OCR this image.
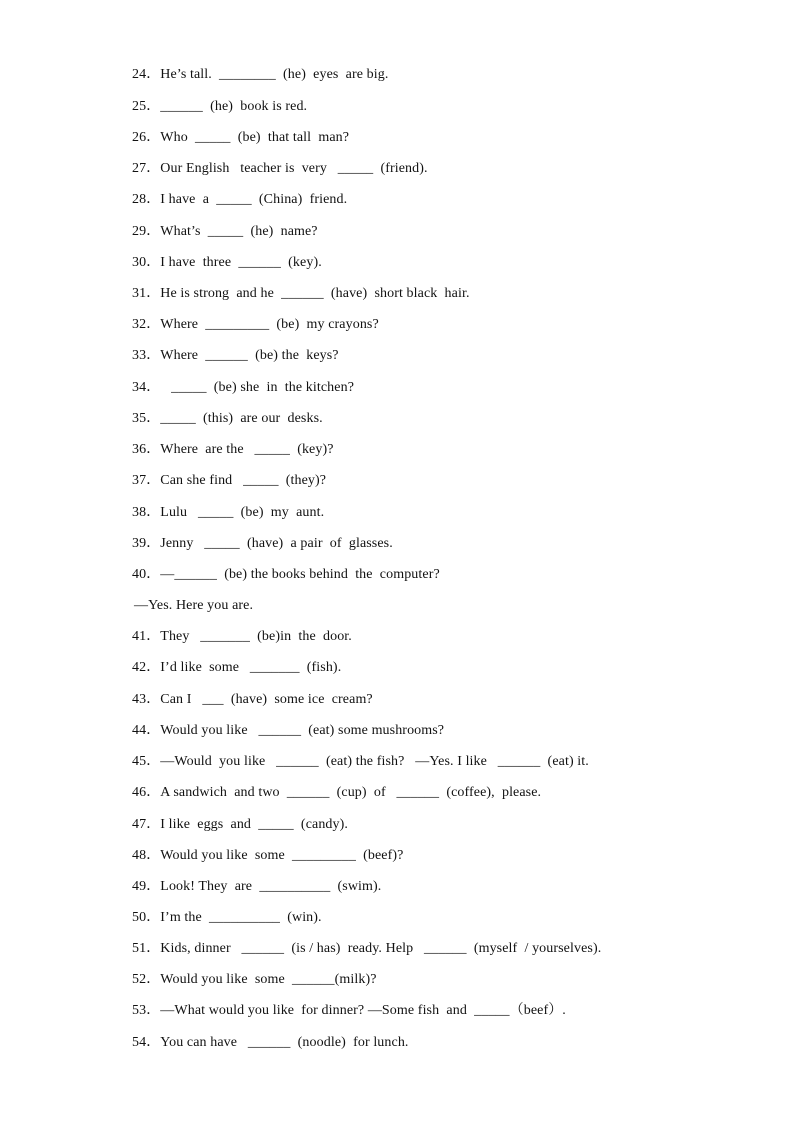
24．He’s tall.  ________  (he)  eyes  are big.
25．______  (he)  book is red.
26．Who  _____  (be)  that tall  man?
27．Our English   teacher is  very   _____  (friend).
28．I have  a  _____  (China)  friend.
29．What’s  _____  (he)  name?
30．I have  three  ______  (key).
31．He is strong  and he  ______  (have)  short black  hair.
32．Where  _________  (be)  my crayons?
33．Where  ______  (be) the  keys?
34．   _____  (be) she  in  the kitchen?
35．_____  (this)  are our  desks.
36．Where  are the   _____  (key)?
37．Can she find   _____  (they)?
38．Lulu   _____  (be)  my  aunt.
39．Jenny   _____  (have)  a pair  of  glasses.
40．—______  (be) the books behind  the  computer?
—Yes. Here you are.
41．They   _______  (be)in  the  door.
42．I’d like  some   _______  (fish).
43．Can I   ___  (have)  some ice  cream?
44．Would you like   ______  (eat) some mushrooms?
45．—Would  you like   ______  (eat) the fish?   —Yes. I like   ______  (eat) it.
46．A sandwich  and two  ______  (cup)  of   ______  (coffee),  please.
47．I like  eggs  and  _____  (candy).
48．Would you like  some  _________  (beef)?
49．Look! They  are  __________  (swim).
50．I’m the  __________  (win).
51．Kids, dinner   ______  (is / has)  ready. Help   ______  (myself  / yourselves).
52．Would you like  some  ______(milk)?
53．—What would you like  for dinner? —Some fish  and  _____（beef）.
54．You can have   ______  (noodle)  for lunch.
